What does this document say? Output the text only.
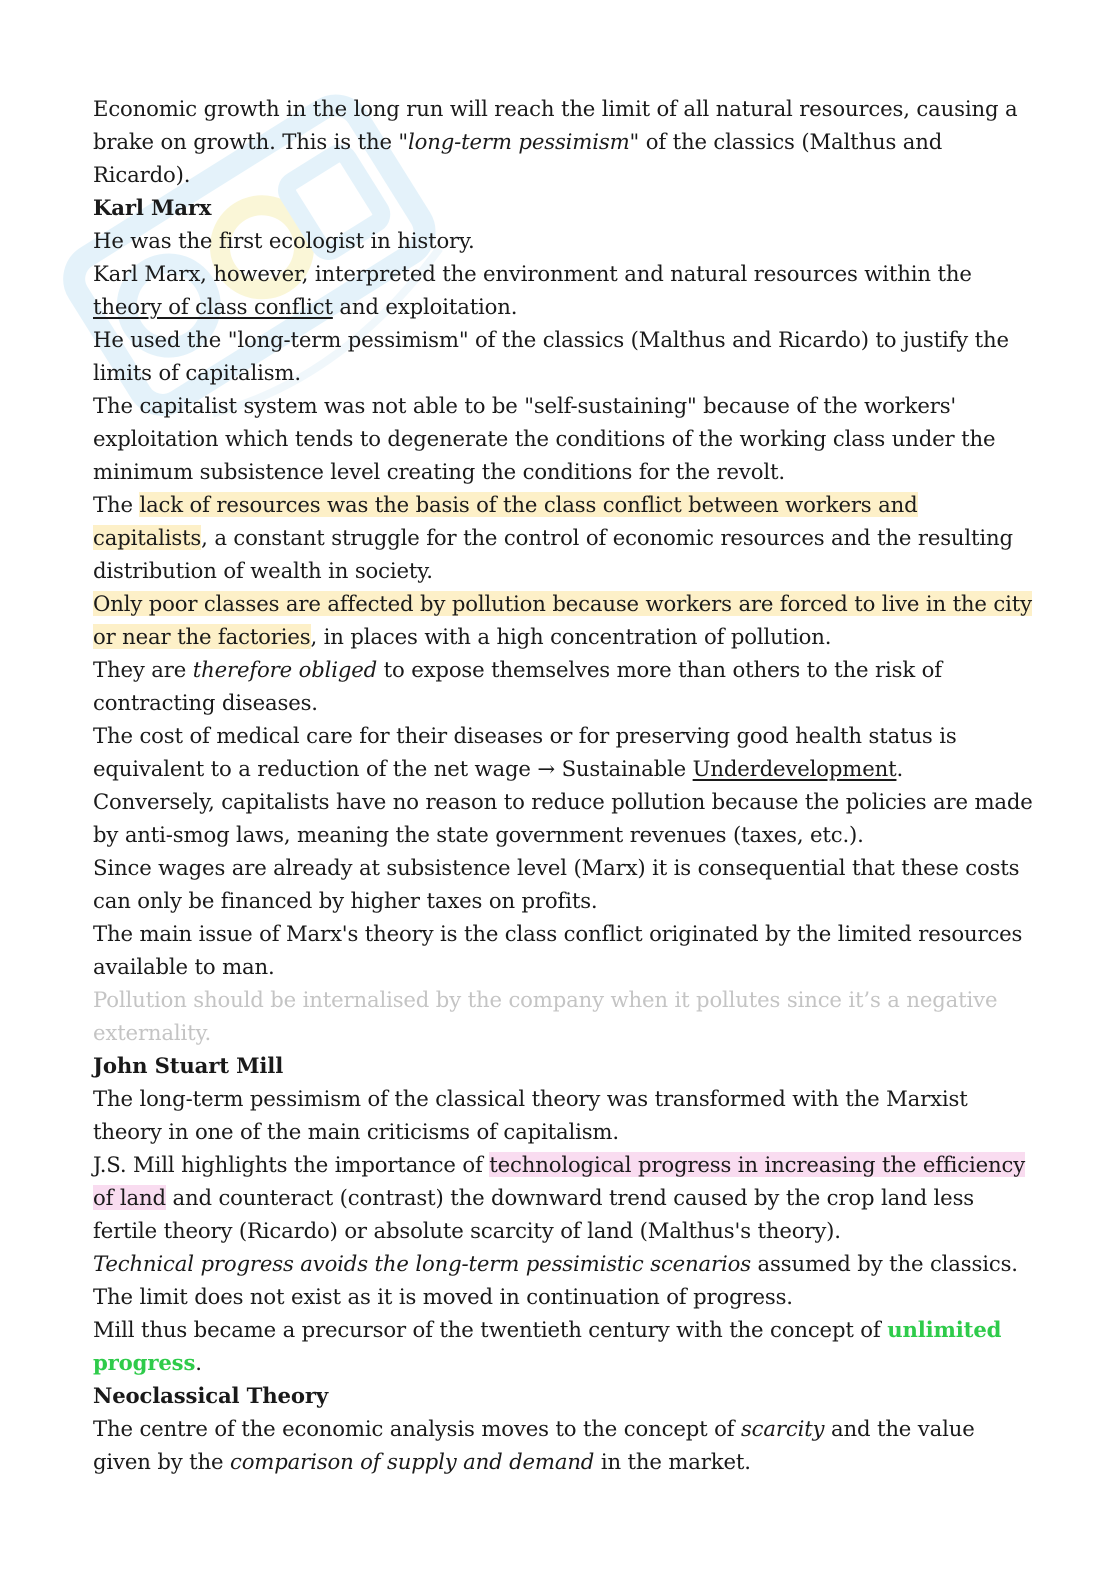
Economic growth in the long run will reach the limit of all natural resources, causing a brake on growth. This is the "long-term pessimism" of the classics (Malthus and Ricardo).

Karl Marx

He was the first ecologist in history.

Karl Marx, however, interpreted the environment and natural resources within the theory of class conflict and exploitation.

He used the "long-term pessimism" of the classics (Malthus and Ricardo) to justify the limits of capitalism.

The capitalist system was not able to be "self-sustaining" because of the workers' exploitation which tends to degenerate the conditions of the working class under the minimum subsistence level creating the conditions for the revolt.

The lack of resources was the basis of the class conflict between workers and capitalists, a constant struggle for the control of economic resources and the resulting distribution of wealth in society.

Only poor classes are affected by pollution because workers are forced to live in the city or near the factories, in places with a high concentration of pollution.

They are therefore obliged to expose themselves more than others to the risk of contracting diseases.

The cost of medical care for their diseases or for preserving good health status is equivalent to a reduction of the net wage → Sustainable Underdevelopment.

Conversely, capitalists have no reason to reduce pollution because the policies are made by anti-smog laws, meaning the state government revenues (taxes, etc.).

Since wages are already at subsistence level (Marx) it is consequential that these costs can only be financed by higher taxes on profits.

The main issue of Marx's theory is the class conflict originated by the limited resources available to man.

Pollution should be internalised by the company when it pollutes since it’s a negative externality.

John Stuart Mill

The long-term pessimism of the classical theory was transformed with the Marxist theory in one of the main criticisms of capitalism.

J.S. Mill highlights the importance of technological progress in increasing the efficiency of land and counteract (contrast) the downward trend caused by the crop land less fertile theory (Ricardo) or absolute scarcity of land (Malthus's theory).

Technical progress avoids the long-term pessimistic scenarios assumed by the classics.

The limit does not exist as it is moved in continuation of progress.

Mill thus became a precursor of the twentieth century with the concept of unlimited progress.

Neoclassical Theory

The centre of the economic analysis moves to the concept of scarcity and the value given by the comparison of supply and demand in the market.
